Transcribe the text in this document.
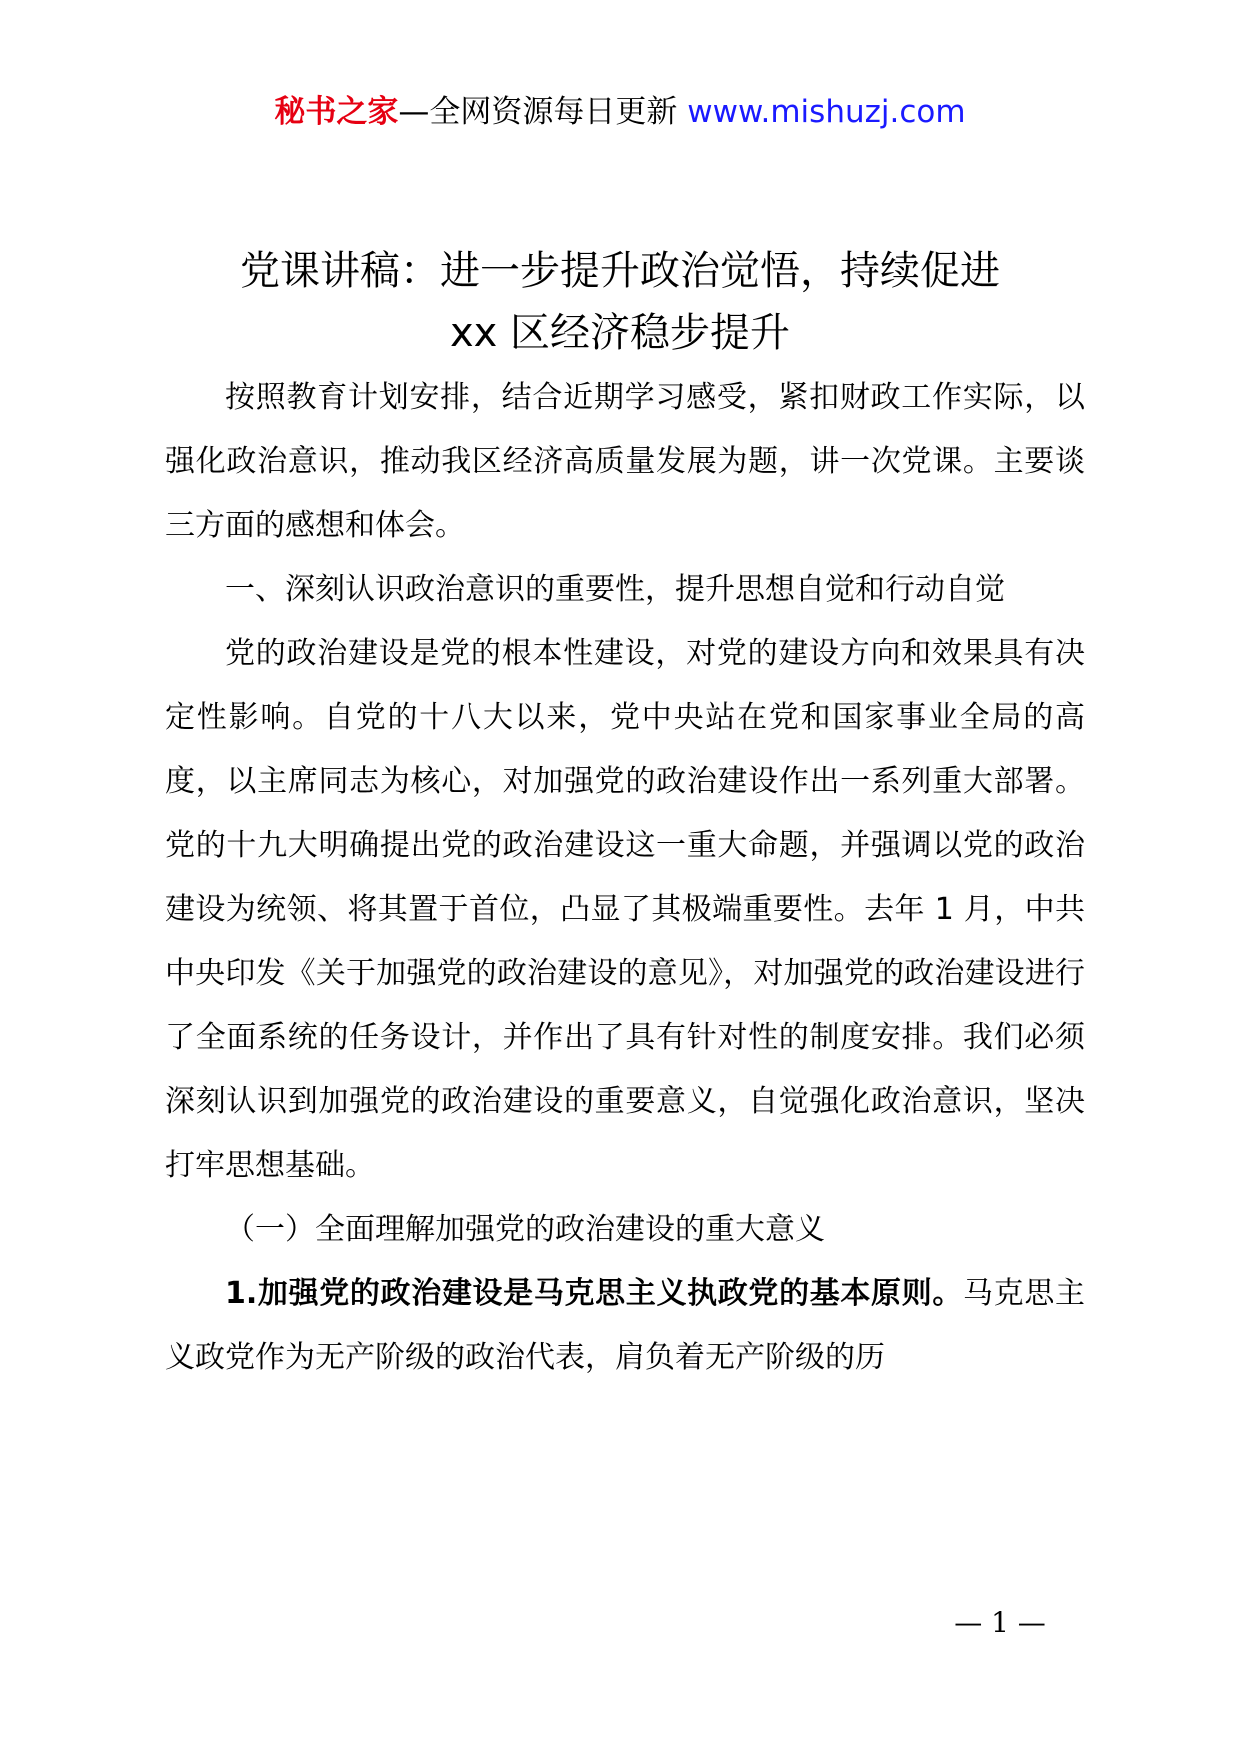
秘书之家—全网资源每日更新 www.mishuzj.com
党课讲稿：进一步提升政治觉悟，持续促进
xx 区经济稳步提升

按照教育计划安排，结合近期学习感受，紧扣财政工作实际，以强化政治意识，推动我区经济高质量发展为题，讲一次党课。主要谈三方面的感想和体会。

一、深刻认识政治意识的重要性，提升思想自觉和行动自觉

党的政治建设是党的根本性建设，对党的建设方向和效果具有决定性影响。自党的十八大以来，党中央站在党和国家事业全局的高度，以主席同志为核心，对加强党的政治建设作出一系列重大部署。党的十九大明确提出党的政治建设这一重大命题，并强调以党的政治建设为统领、将其置于首位，凸显了其极端重要性。去年 1 月，中共中央印发《关于加强党的政治建设的意见》，对加强党的政治建设进行了全面系统的任务设计，并作出了具有针对性的制度安排。我们必须深刻认识到加强党的政治建设的重要意义，自觉强化政治意识，坚决打牢思想基础。

（一）全面理解加强党的政治建设的重大意义

1.加强党的政治建设是马克思主义执政党的基本原则。马克思主义政党作为无产阶级的政治代表，肩负着无产阶级的历

— 1 —
